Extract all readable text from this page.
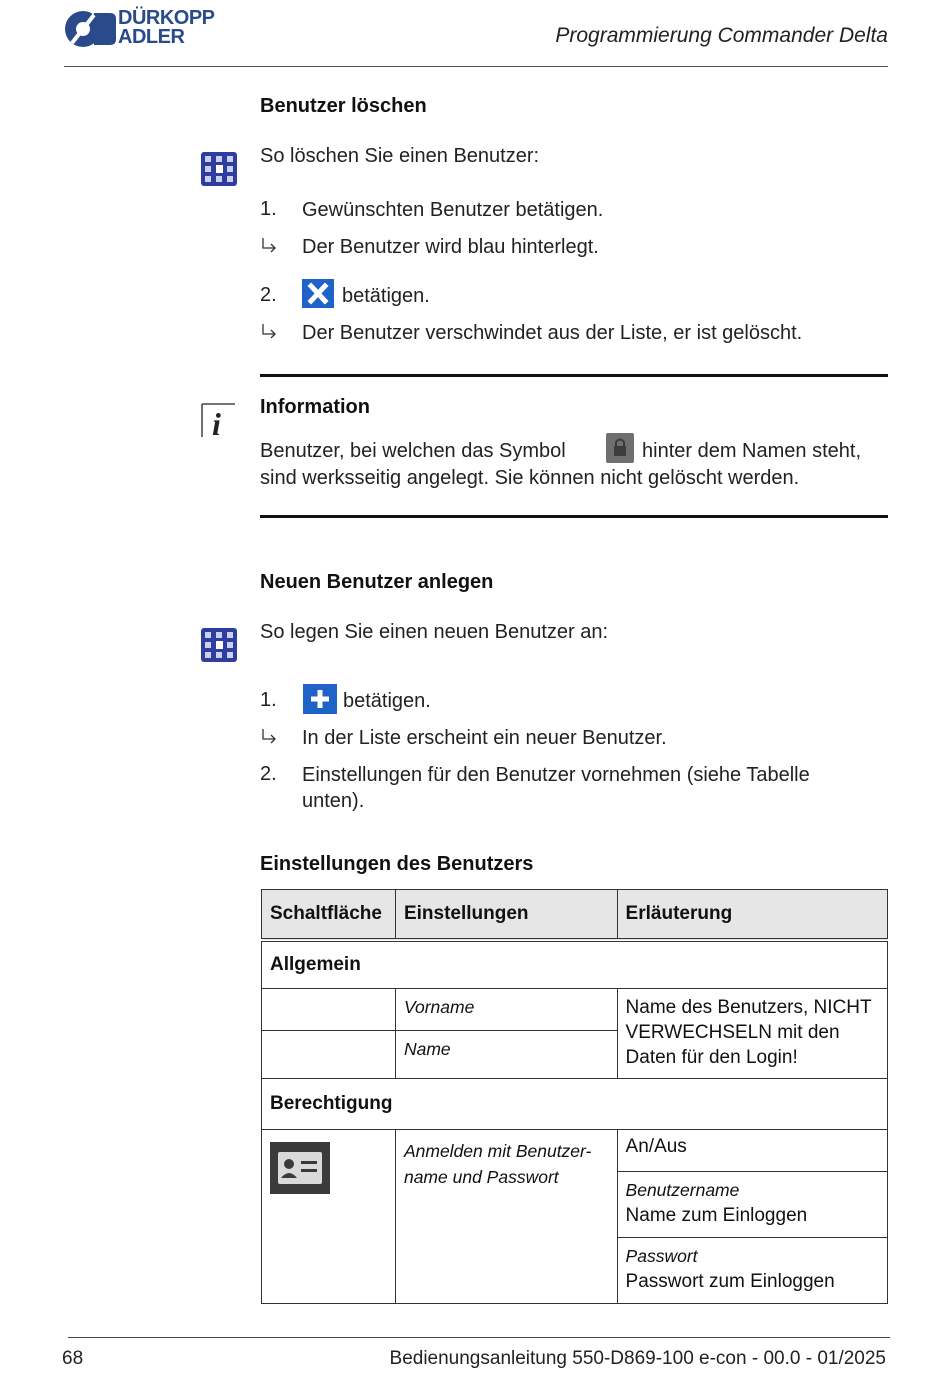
DÜRKOPP
ADLER	Programmierung Commander Delta
Benutzer löschen
So löschen Sie einen Benutzer:
1. Gewünschten Benutzer betätigen.
Der Benutzer wird blau hinterlegt.
2.	betätigen.
Der Benutzer verschwindet aus der Liste, er ist gelöscht.
i Information
Benutzer, bei welchen das Symbol	hinter dem Namen steht,
sind werksseitig angelegt. Sie können nicht gelöscht werden.
Neuen Benutzer anlegen
So legen Sie einen neuen Benutzer an:
1.	betätigen.
In der Liste erscheint ein neuer Benutzer.
2. Einstellungen für den Benutzer vornehmen (siehe Tabelle
unten).
Einstellungen des Benutzers
Schaltfläche	Einstellungen	Erläuterung
Allgemein		
	Vorname	Name des Benutzers, NICHT
VERWECHSELN mit den
Daten für den Login!

	Name	
Berechtigung		

Anmelden mit Benutzer-
name und Passwort	An/Aus

		Benutzername
Name zum Einloggen

		Passwort
Passwort zum Einloggen
68	Bedienungsanleitung 550-D869-100 e-con - 00.0 - 01/2025
